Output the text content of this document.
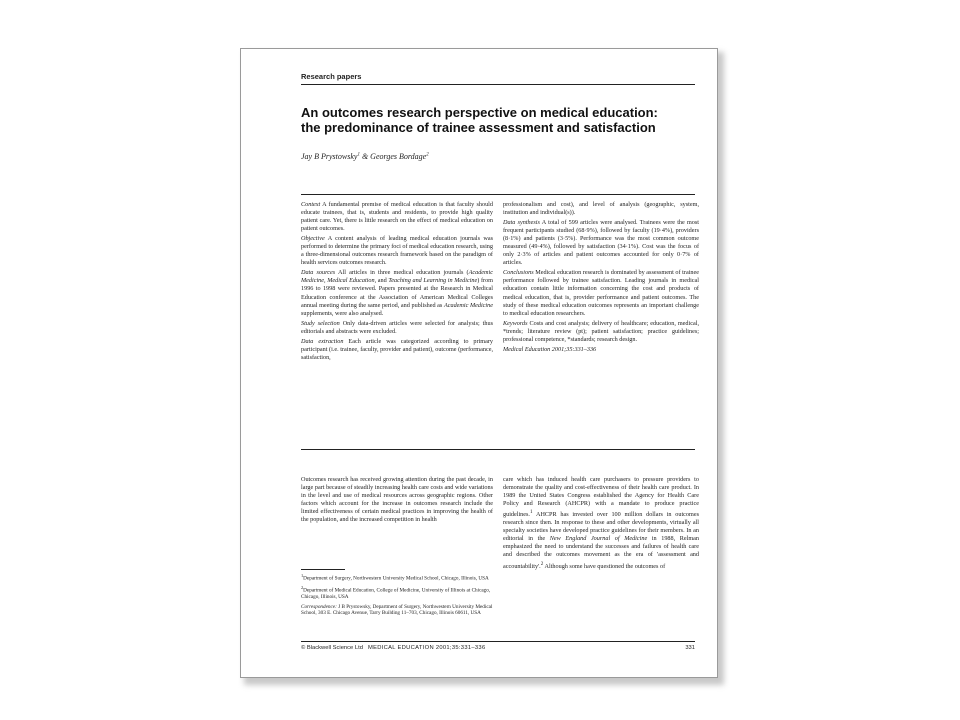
Research papers
An outcomes research perspective on medical education:
the predominance of trainee assessment and satisfaction
Jay B Prystowsky$^1$ & Georges Bordage$^2$

Context A fundamental premise of medical education is that faculty should educate trainees, that is, students and residents, to provide high quality patient care. Yet, there is little research on the effect of medical education on patient outcomes.

Objective A content analysis of leading medical education journals was performed to determine the primary foci of medical education research, using a three-dimensional outcomes research framework based on the paradigm of health services outcomes research.

Data sources All articles in three medical education journals (Academic Medicine, Medical Education, and Teaching and Learning in Medicine) from 1996 to 1998 were reviewed. Papers presented at the Research in Medical Education conference at the Association of American Medical Colleges annual meeting during the same period, and published as Academic Medicine supplements, were also analysed.

Study selection Only data-driven articles were selected for analysis; thus editorials and abstracts were excluded.

Data extraction Each article was categorized according to primary participant (i.e. trainee, faculty, provider and patient), outcome (performance, satisfaction,

professionalism and cost), and level of analysis (geographic, system, institution and individual(s)).

Data synthesis A total of 599 articles were analysed. Trainees were the most frequent participants studied (68·9%), followed by faculty (19·4%), providers (8·1%) and patients (3·5%). Performance was the most common outcome measured (49·4%), followed by satisfaction (34·1%). Cost was the focus of only 2·3% of articles and patient outcomes accounted for only 0·7% of articles.

Conclusions Medical education research is dominated by assessment of trainee performance followed by trainee satisfaction. Leading journals in medical education contain little information concerning the cost and products of medical education, that is, provider performance and patient outcomes. The study of these medical education outcomes represents an important challenge to medical education researchers.

Keywords Costs and cost analysis; delivery of healthcare; education, medical, *trends; literature review (pt); patient satisfaction; practice guidelines; professional competence, *standards; research design.

Medical Education 2001;35:331–336

Outcomes research has received growing attention during the past decade, in large part because of steadily increasing health care costs and wide variations in the level and use of medical resources across geographic regions. Other factors which account for the increase in outcomes research include the limited effectiveness of certain medical practices in improving the health of the population, and the increased competition in health

care which has induced health care purchasers to pressure providers to demonstrate the quality and cost-effectiveness of their health care product. In 1989 the United States Congress established the Agency for Health Care Policy and Research (AHCPR) with a mandate to produce practice guidelines.$^1$ AHCPR has invested over 100 million dollars in outcomes research since then. In response to these and other developments, virtually all specialty societies have developed practice guidelines for their members. In an editorial in the New England Journal of Medicine in 1988, Relman emphasized the need to understand the successes and failures of health care and described the outcomes movement as the era of 'assessment and accountability'.$^2$ Although some have questioned the outcomes of

$^1$Department of Surgery, Northwestern University Medical School, Chicago, Illinois, USA

$^2$Department of Medical Education, College of Medicine, University of Illinois at Chicago, Chicago, Illinois, USA

Correspondence: J B Prystowsky, Department of Surgery, Northwestern University Medical School, 303 E. Chicago Avenue, Tarry Building 11–703, Chicago, Illinois 60611, USA

© Blackwell Science Ltd MEDICAL EDUCATION 2001;35:331–336	331
